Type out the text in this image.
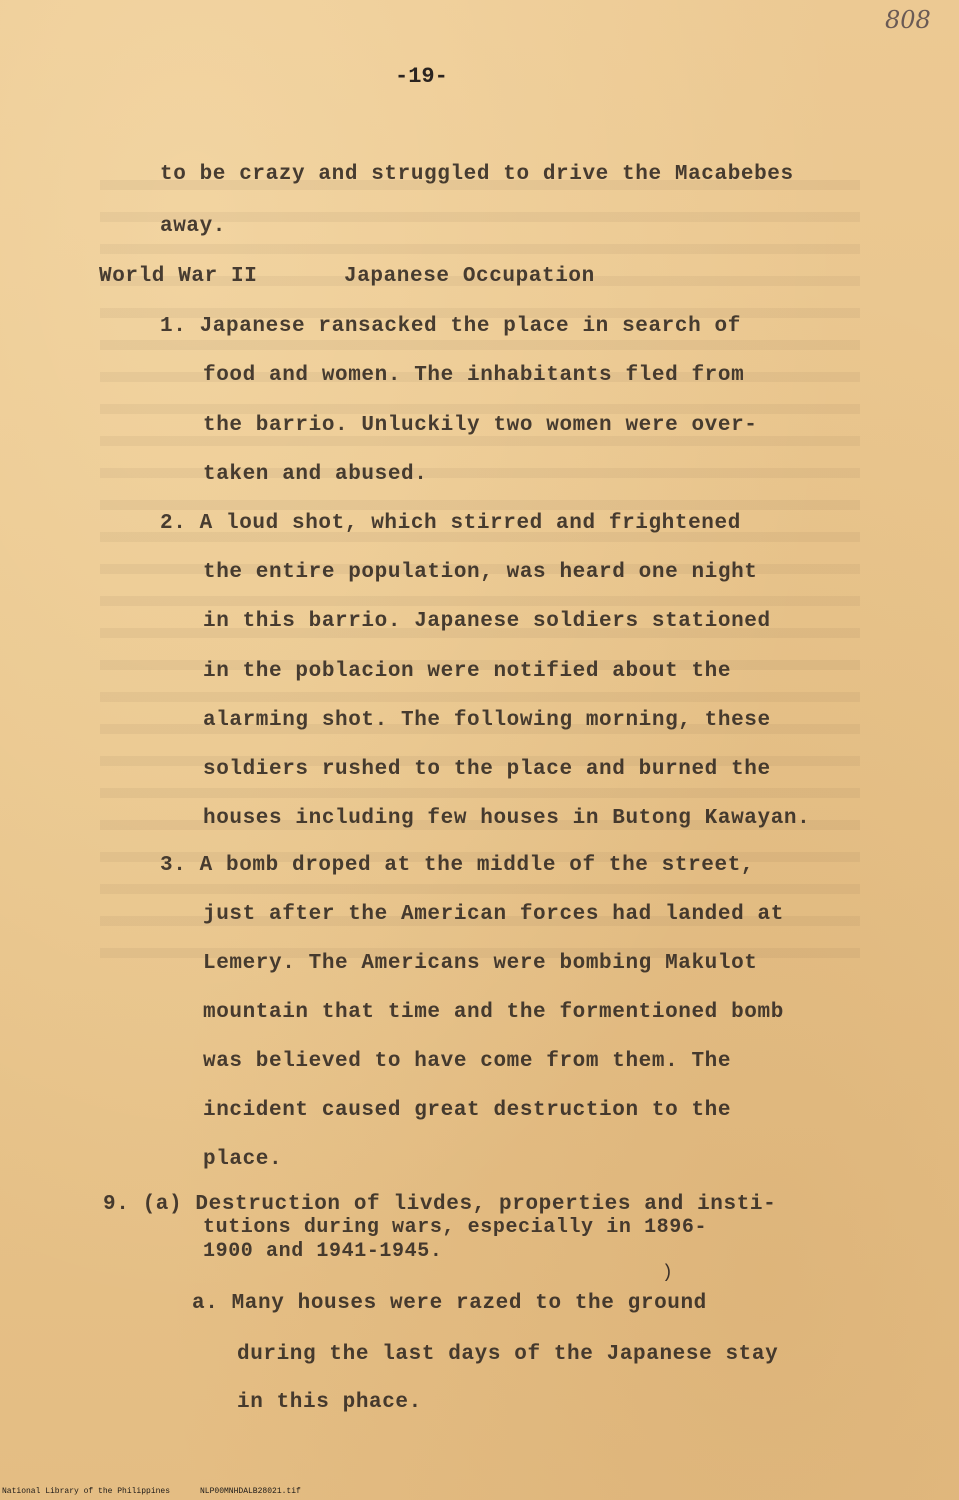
808
-19-
to be crazy and struggled to drive the Macabebes
away.
World War II	Japanese Occupation
1. Japanese ransacked the place in search of
food and women. The inhabitants fled from
the barrio. Unluckily two women were over-
taken and abused.
2. A loud shot, which stirred and frightened
the entire population, was heard one night
in this barrio. Japanese soldiers stationed
in the poblacion were notified about the
alarming shot. The following morning, these
soldiers rushed to the place and burned the
houses including few houses in Butong Kawayan.
3. A bomb droped at the middle of the street,
just after the American forces had landed at
Lemery. The Americans were bombing Makulot
mountain that time and the formentioned bomb
was believed to have come from them. The
incident caused great destruction to the
place.
9. (a) Destruction of livdes, properties and insti-
tutions during wars, especially in 1896-
1900 and 1941-1945.
)
a. Many houses were razed to the ground
during the last days of the Japanese stay
in this phace.
National Library of the Philippines	NLP00MNHDALB28021.tif
